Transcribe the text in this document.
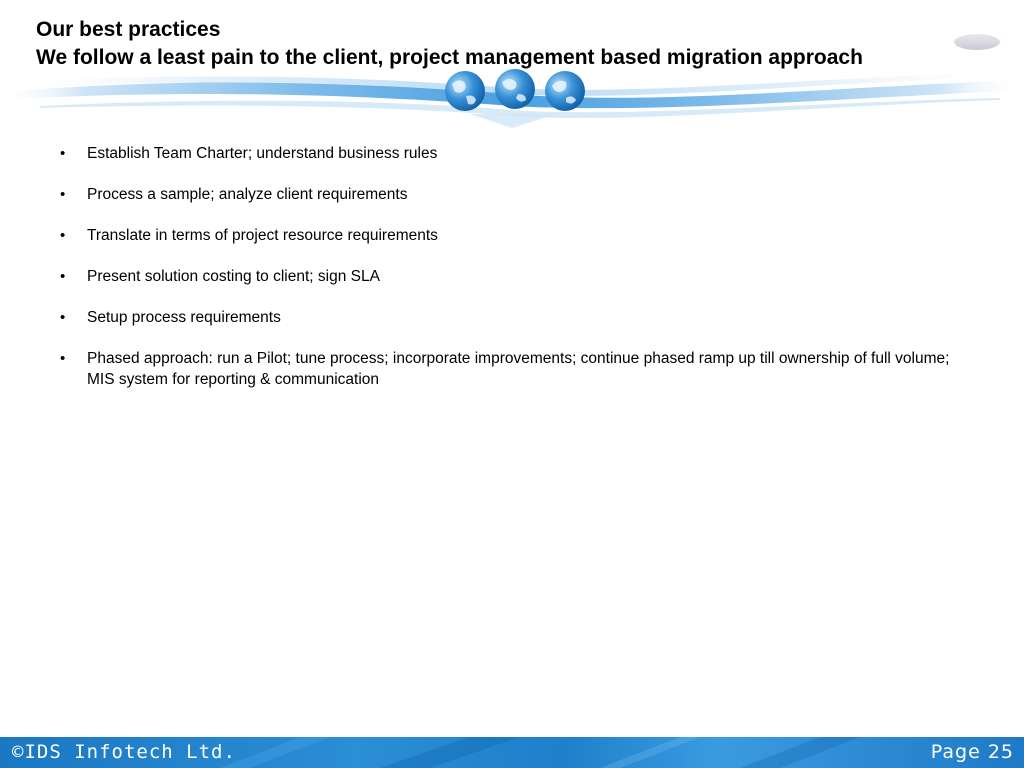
Our best practices
We follow a least pain to the client, project management based migration approach
• Establish Team Charter; understand business rules
• Process a sample; analyze client requirements
• Translate in terms of project resource requirements
• Present solution costing to client; sign SLA
• Setup process requirements
• Phased approach: run a Pilot; tune process; incorporate improvements; continue phased ramp up till ownership of full volume; MIS system for reporting & communication
©IDS Infotech Ltd.	Page 25
